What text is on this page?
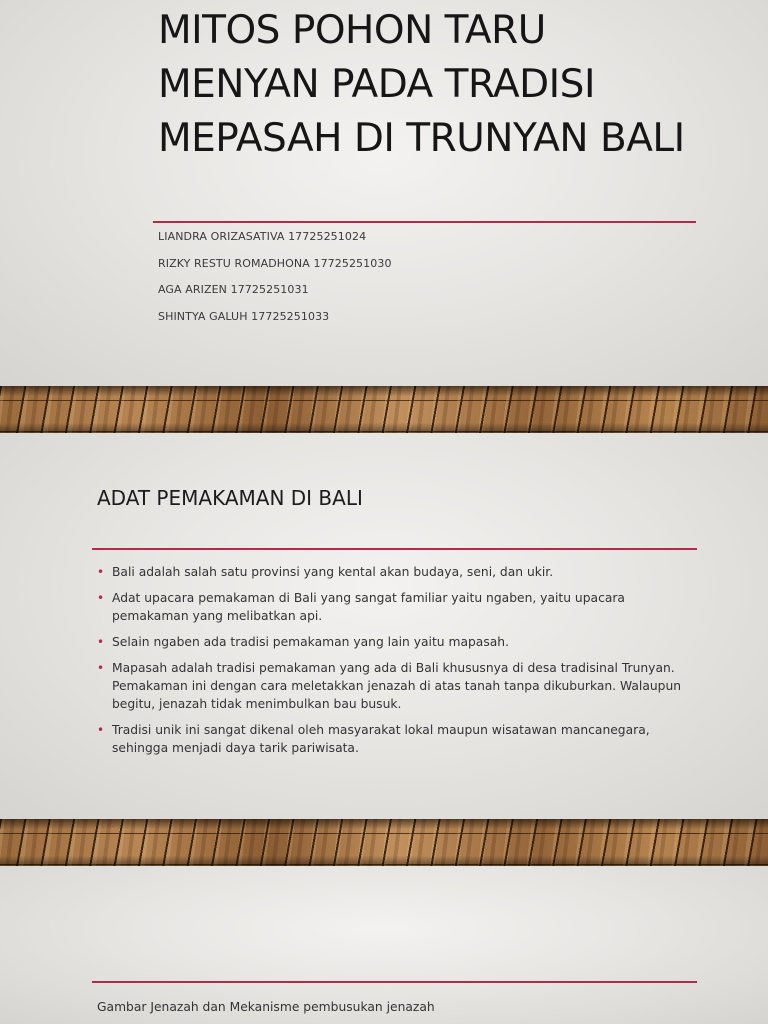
MITOS POHON TARU MENYAN PADA TRADISI MEPASAH DI TRUNYAN BALI
LIANDRA ORIZASATIVA 17725251024
RIZKY RESTU ROMADHONA 17725251030
AGA ARIZEN 17725251031
SHINTYA GALUH 17725251033
ADAT PEMAKAMAN DI BALI
• Bali adalah salah satu provinsi yang kental akan budaya, seni, dan ukir.
• Adat upacara pemakaman di Bali yang sangat familiar yaitu ngaben, yaitu upacara pemakaman yang melibatkan api.
• Selain ngaben ada tradisi pemakaman yang lain yaitu mapasah.
• Mapasah adalah tradisi pemakaman yang ada di Bali khususnya di desa tradisinal Trunyan. Pemakaman ini dengan cara meletakkan jenazah di atas tanah tanpa dikuburkan. Walaupun begitu, jenazah tidak menimbulkan bau busuk.
• Tradisi unik ini sangat dikenal oleh masyarakat lokal maupun wisatawan mancanegara, sehingga menjadi daya tarik pariwisata.

Gambar Jenazah dan Mekanisme pembusukan jenazah
